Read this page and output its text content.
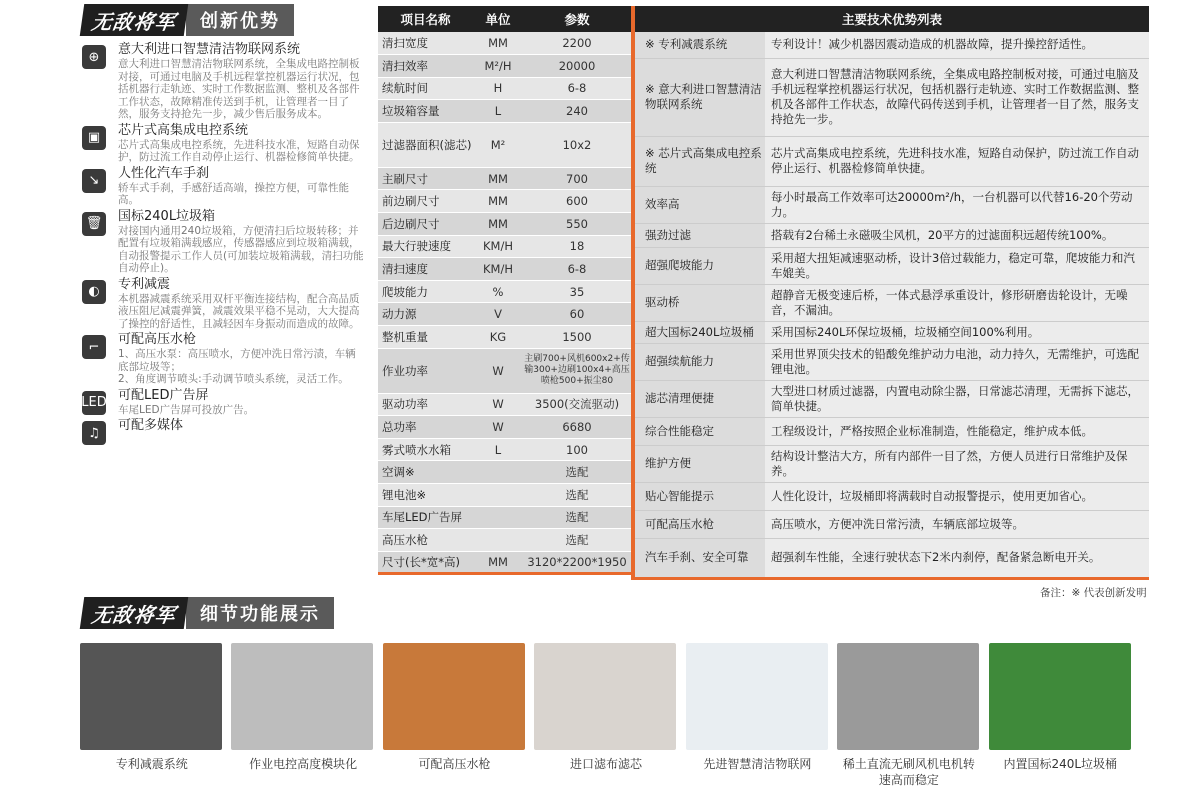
无敌将军	创新优势
⊕	意大利进口智慧清洁物联网系统
意大利进口智慧清洁物联网系统，全集成电路控制板对接，可通过电脑及手机远程掌控机器运行状况，包括机器行走轨迹、实时工作数据监测、整机及各部件工作状态，故障精准传送到手机，让管理者一目了然，服务支持抢先一步，减少售后服务成本。
▣	芯片式高集成电控系统
芯片式高集成电控系统，先进科技水准，短路自动保护，防过流工作自动停止运行、机器检修简单快捷。
↘	人性化汽车手刹
轿车式手刹，手感舒适高端，操控方便，可靠性能高。
🗑 国标240L垃圾箱
对接国内通用240垃圾箱，方便清扫后垃圾转移；并配置有垃圾箱满载感应，传感器感应到垃圾箱满载，自动报警提示工作人员(可加装垃圾箱满载，清扫功能自动停止)。
◐	专利减震
本机器减震系统采用双杆平衡连接结构，配合高品质液压阻尼减震弹簧，减震效果平稳不晃动，大大提高了操控的舒适性，且减轻因车身振动而造成的故障。
⌐	可配高压水枪
1、高压水泵：高压喷水，方便冲洗日常污渍，车辆底部垃圾等；
2、角度调节喷头:手动调节喷头系统，灵活工作。
LED 可配LED广告屏
车尾LED广告屏可投放广告。
♫	可配多媒体
项目名称	单位	参数
清扫宽度	MM	2200
清扫效率	M²/H	20000
续航时间	H	6-8
垃圾箱容量	L	240
过滤器面积(滤芯)	M²	10x2
主刷尺寸	MM	700
前边刷尺寸	MM	600
后边刷尺寸	MM	550
最大行驶速度	KM/H	18
清扫速度	KM/H	6-8
爬坡能力	%	35
动力源	V	60
整机重量	KG	1500
作业功率	W	主刷700+风机600x2+传输300+边刷100x4+高压喷枪500+振尘80
驱动功率	W	3500(交流驱动)
总功率	W	6680
雾式喷水水箱	L	100
空调※		选配
锂电池※		选配
车尾LED广告屏		选配
高压水枪		选配
尺寸(长*宽*高)	MM	3120*2200*1950
主要技术优势列表	
※ 专利减震系统	专利设计！减少机器因震动造成的机器故障，提升操控舒适性。
※ 意大利进口智慧清洁物联网系统	意大利进口智慧清洁物联网系统，全集成电路控制板对接，可通过电脑及手机远程掌控机器运行状况，包括机器行走轨迹、实时工作数据监测、整机及各部件工作状态，故障代码传送到手机，让管理者一目了然，服务支持抢先一步。
※ 芯片式高集成电控系统	芯片式高集成电控系统，先进科技水准，短路自动保护，防过流工作自动停止运行、机器检修简单快捷。
效率高	每小时最高工作效率可达20000m²/h，一台机器可以代替16-20个劳动力。
强劲过滤	搭载有2台稀土永磁吸尘风机，20平方的过滤面积远超传统100%。
超强爬坡能力	采用超大扭矩减速驱动桥，设计3倍过载能力，稳定可靠，爬坡能力和汽车媲美。
驱动桥	超静音无极变速后桥，一体式悬浮承重设计，修形研磨齿轮设计，无噪音，不漏油。
超大国标240L垃圾桶	采用国标240L环保垃圾桶，垃圾桶空间100%利用。
超强续航能力	采用世界顶尖技术的铅酸免维护动力电池，动力持久，无需维护，可选配锂电池。
滤芯清理便捷	大型进口材质过滤器，内置电动除尘器，日常滤芯清理，无需拆下滤芯，简单快捷。
综合性能稳定	工程级设计，严格按照企业标准制造，性能稳定，维护成本低。
维护方便	结构设计整洁大方，所有内部件一目了然，方便人员进行日常维护及保养。
贴心智能提示	人性化设计，垃圾桶即将满载时自动报警提示，使用更加省心。
可配高压水枪	高压喷水，方便冲洗日常污渍，车辆底部垃圾等。
汽车手刹、安全可靠	超强刹车性能，全速行驶状态下2米内刹停，配备紧急断电开关。
备注：※ 代表创新发明
无敌将军	细节功能展示
专利减震系统	作业电控高度模块化	可配高压水枪	进口滤布滤芯	先进智慧清洁物联网	稀土直流无刷风机电机转速高而稳定
内置国标240L垃圾桶
